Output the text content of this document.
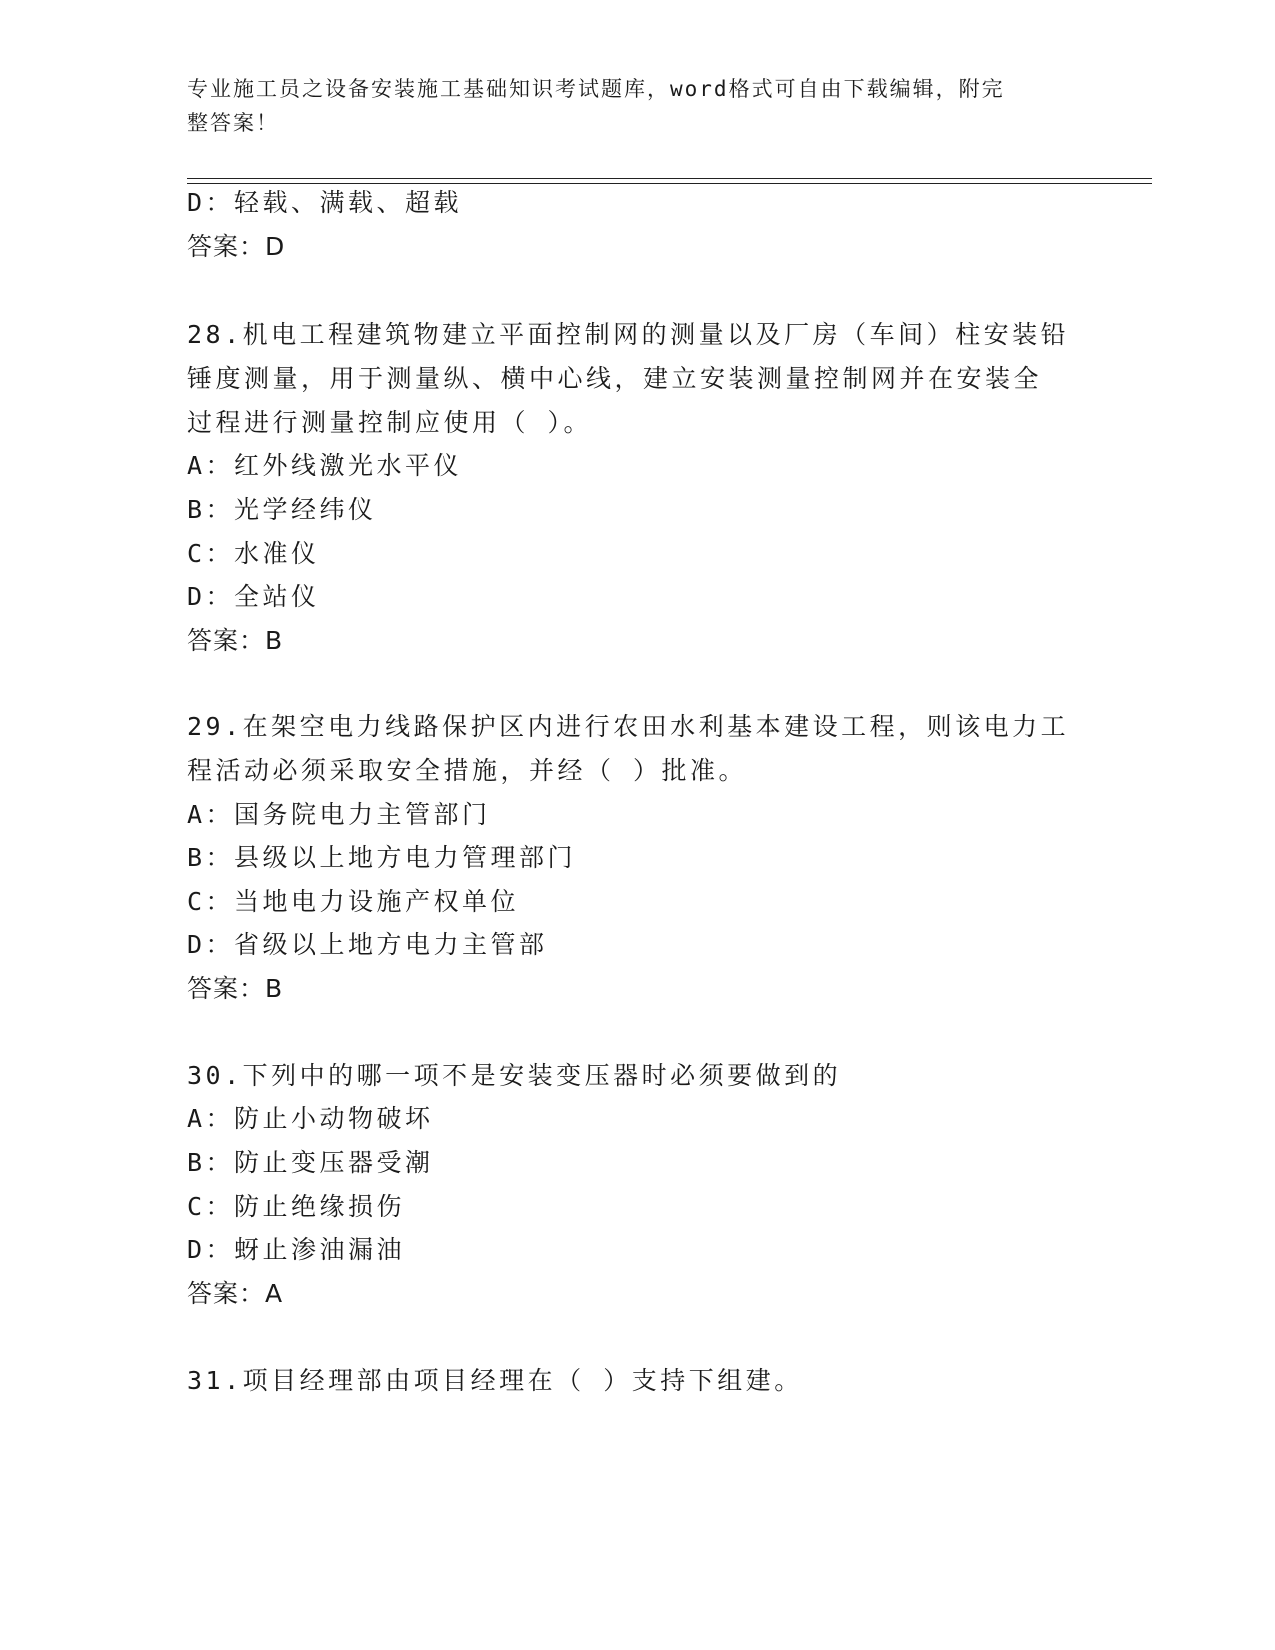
专业施工员之设备安装施工基础知识考试题库，word格式可自由下载编辑，附完
整答案！
D：轻载、满载、超载
答案：D
28.机电工程建筑物建立平面控制网的测量以及厂房（车间）柱安装铅
锤度测量，用于测量纵、横中心线，建立安装测量控制网并在安装全
过程进行测量控制应使用（ ）。
A：红外线激光水平仪
B：光学经纬仪
C：水准仪
D：全站仪
答案：B
29.在架空电力线路保护区内进行农田水利基本建设工程，则该电力工
程活动必须采取安全措施，并经（ ）批准。
A：国务院电力主管部门
B：县级以上地方电力管理部门
C：当地电力设施产权单位
D：省级以上地方电力主管部
答案：B
30.下列中的哪一项不是安装变压器时必须要做到的
A：防止小动物破坏
B：防止变压器受潮
C：防止绝缘损伤
D：蚜止渗油漏油
答案：A
31.项目经理部由项目经理在（ ）支持下组建。
